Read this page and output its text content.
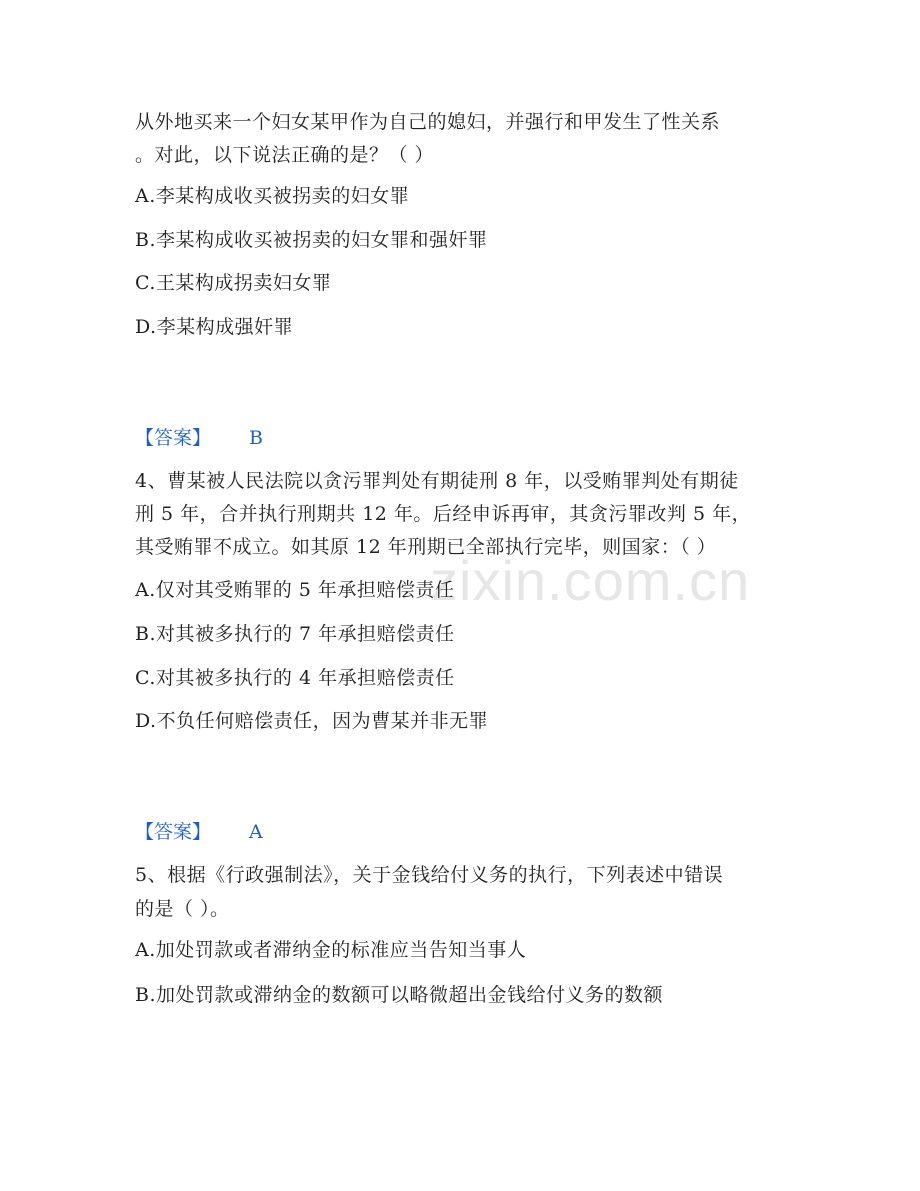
zixin.com.cn
从外地买来一个妇女某甲作为自己的媳妇，并强行和甲发生了性关系
。对此，以下说法正确的是？（ ）
A.李某构成收买被拐卖的妇女罪
B.李某构成收买被拐卖的妇女罪和强奸罪
C.王某构成拐卖妇女罪
D.李某构成强奸罪
【答案】 B
4、曹某被人民法院以贪污罪判处有期徒刑 8 年，以受贿罪判处有期徒
刑 5 年，合并执行刑期共 12 年。后经申诉再审，其贪污罪改判 5 年，
其受贿罪不成立。如其原 12 年刑期已全部执行完毕，则国家：（ ）
A.仅对其受贿罪的 5 年承担赔偿责任
B.对其被多执行的 7 年承担赔偿责任
C.对其被多执行的 4 年承担赔偿责任
D.不负任何赔偿责任，因为曹某并非无罪
【答案】 A
5、根据《行政强制法》，关于金钱给付义务的执行，下列表述中错误
的是（ ）。
A.加处罚款或者滞纳金的标准应当告知当事人
B.加处罚款或滞纳金的数额可以略微超出金钱给付义务的数额
